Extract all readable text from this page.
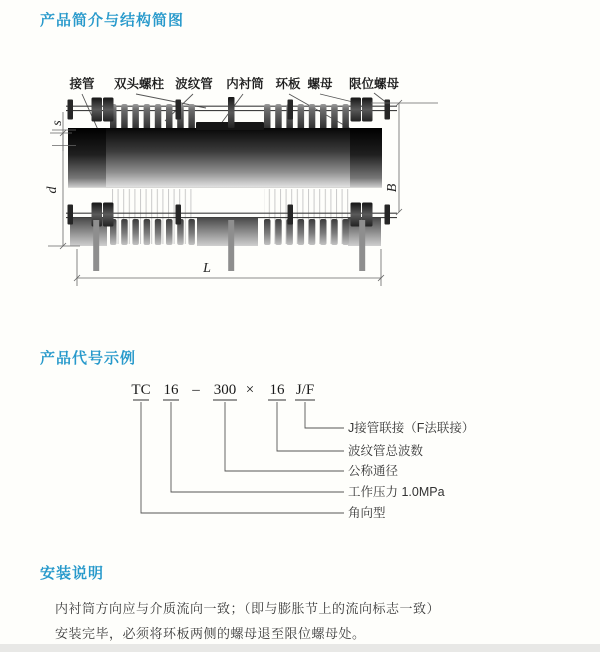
产品简介与结构简图
产品代号示例
安装说明
接管 双头螺柱 波纹管 内衬筒 环板 螺母 限位螺母
s
d	B
L
TC 16 – 300 × 16 J/F
J接管联接（F法联接）
波纹管总波数
公称通径
工作压力 1.0MPa
角向型
内衬筒方向应与介质流向一致；（即与膨胀节上的流向标志一致）
安装完毕，必须将环板两侧的螺母退至限位螺母处。
